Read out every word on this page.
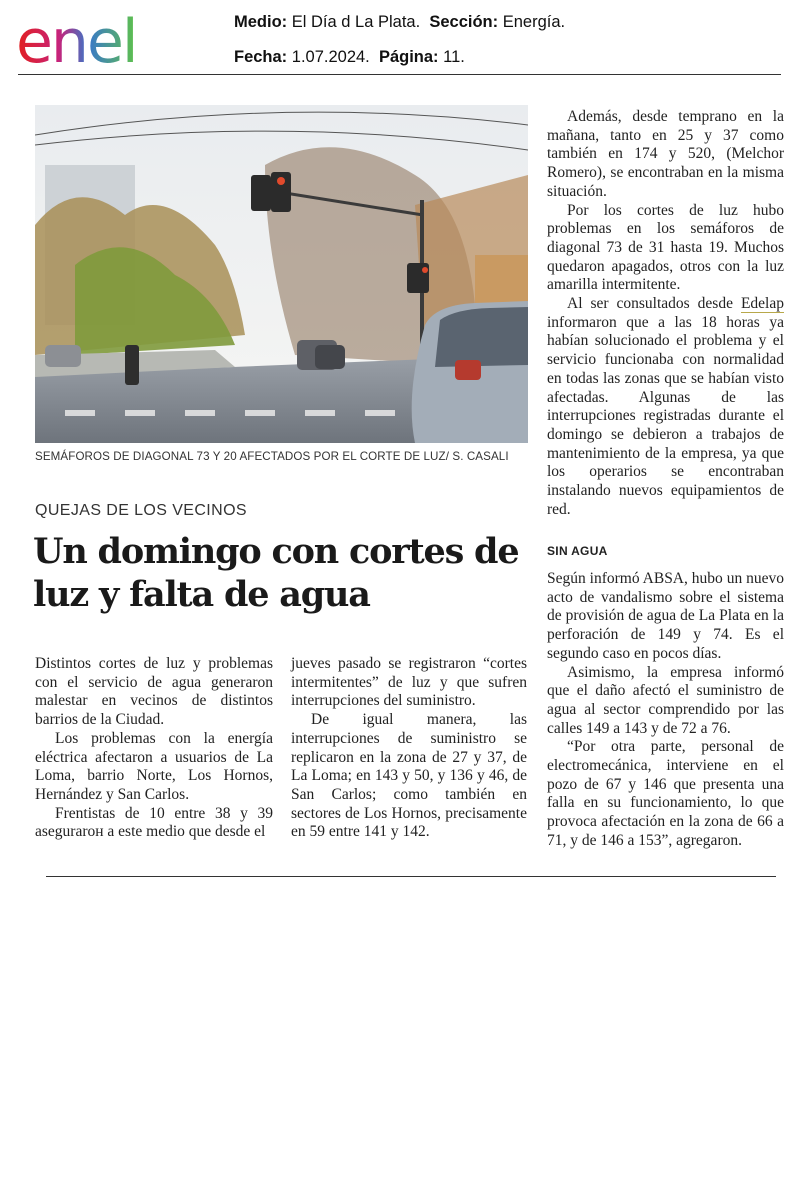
enel	Medio: El Día d La Plata. Sección: Energía.
Fecha: 1.07.2024. Página: 11.
SEMÁFOROS DE DIAGONAL 73 Y 20 AFECTADOS POR EL CORTE DE LUZ/ S. CASALI
QUEJAS DE LOS VECINOS
Un domingo con cortes de luz y falta de agua

Distintos cortes de luz y problemas con el servicio de agua generaron malestar en vecinos de distintos barrios de la Ciudad.

Los problemas con la energía eléctrica afectaron a usuarios de La Loma, barrio Norte, Los Hornos, Hernández y San Carlos.

Frentistas de 10 entre 38 y 39 asegurarон a este medio que desde el

jueves pasado se registraron “cortes intermitentes” de luz y que sufren interrupciones del suministro.

De igual manera, las interrupciones de suministro se replicaron en la zona de 27 y 37, de La Loma; en 143 y 50, y 136 y 46, de San Carlos; como también en sectores de Los Hornos, precisamente en 59 entre 141 y 142.

Además, desde temprano en la mañana, tanto en 25 y 37 como también en 174 y 520, (Melchor Romero), se encontraban en la misma situación.

Por los cortes de luz hubo problemas en los semáforos de diagonal 73 de 31 hasta 19. Muchos quedaron apagados, otros con la luz amarilla intermitente.

Al ser consultados desde Edelap informaron que a las 18 horas ya habían solucionado el problema y el servicio funcionaba con normalidad en todas las zonas que se habían visto afectadas. Algunas de las interrupciones registradas durante el domingo se debieron a trabajos de mantenimiento de la empresa, ya que los operarios se encontraban instalando nuevos equipamientos de red.

SIN AGUA

Según informó ABSA, hubo un nuevo acto de vandalismo sobre el sistema de provisión de agua de La Plata en la perforación de 149 y 74. Es el segundo caso en pocos días.

Asimismo, la empresa informó que el daño afectó el suministro de agua al sector comprendido por las calles 149 a 143 y de 72 a 76.

“Por otra parte, personal de electromecánica, interviene en el pozo de 67 y 146 que presenta una falla en su funcionamiento, lo que provoca afectación en la zona de 66 a 71, y de 146 a 153”, agregaron.
